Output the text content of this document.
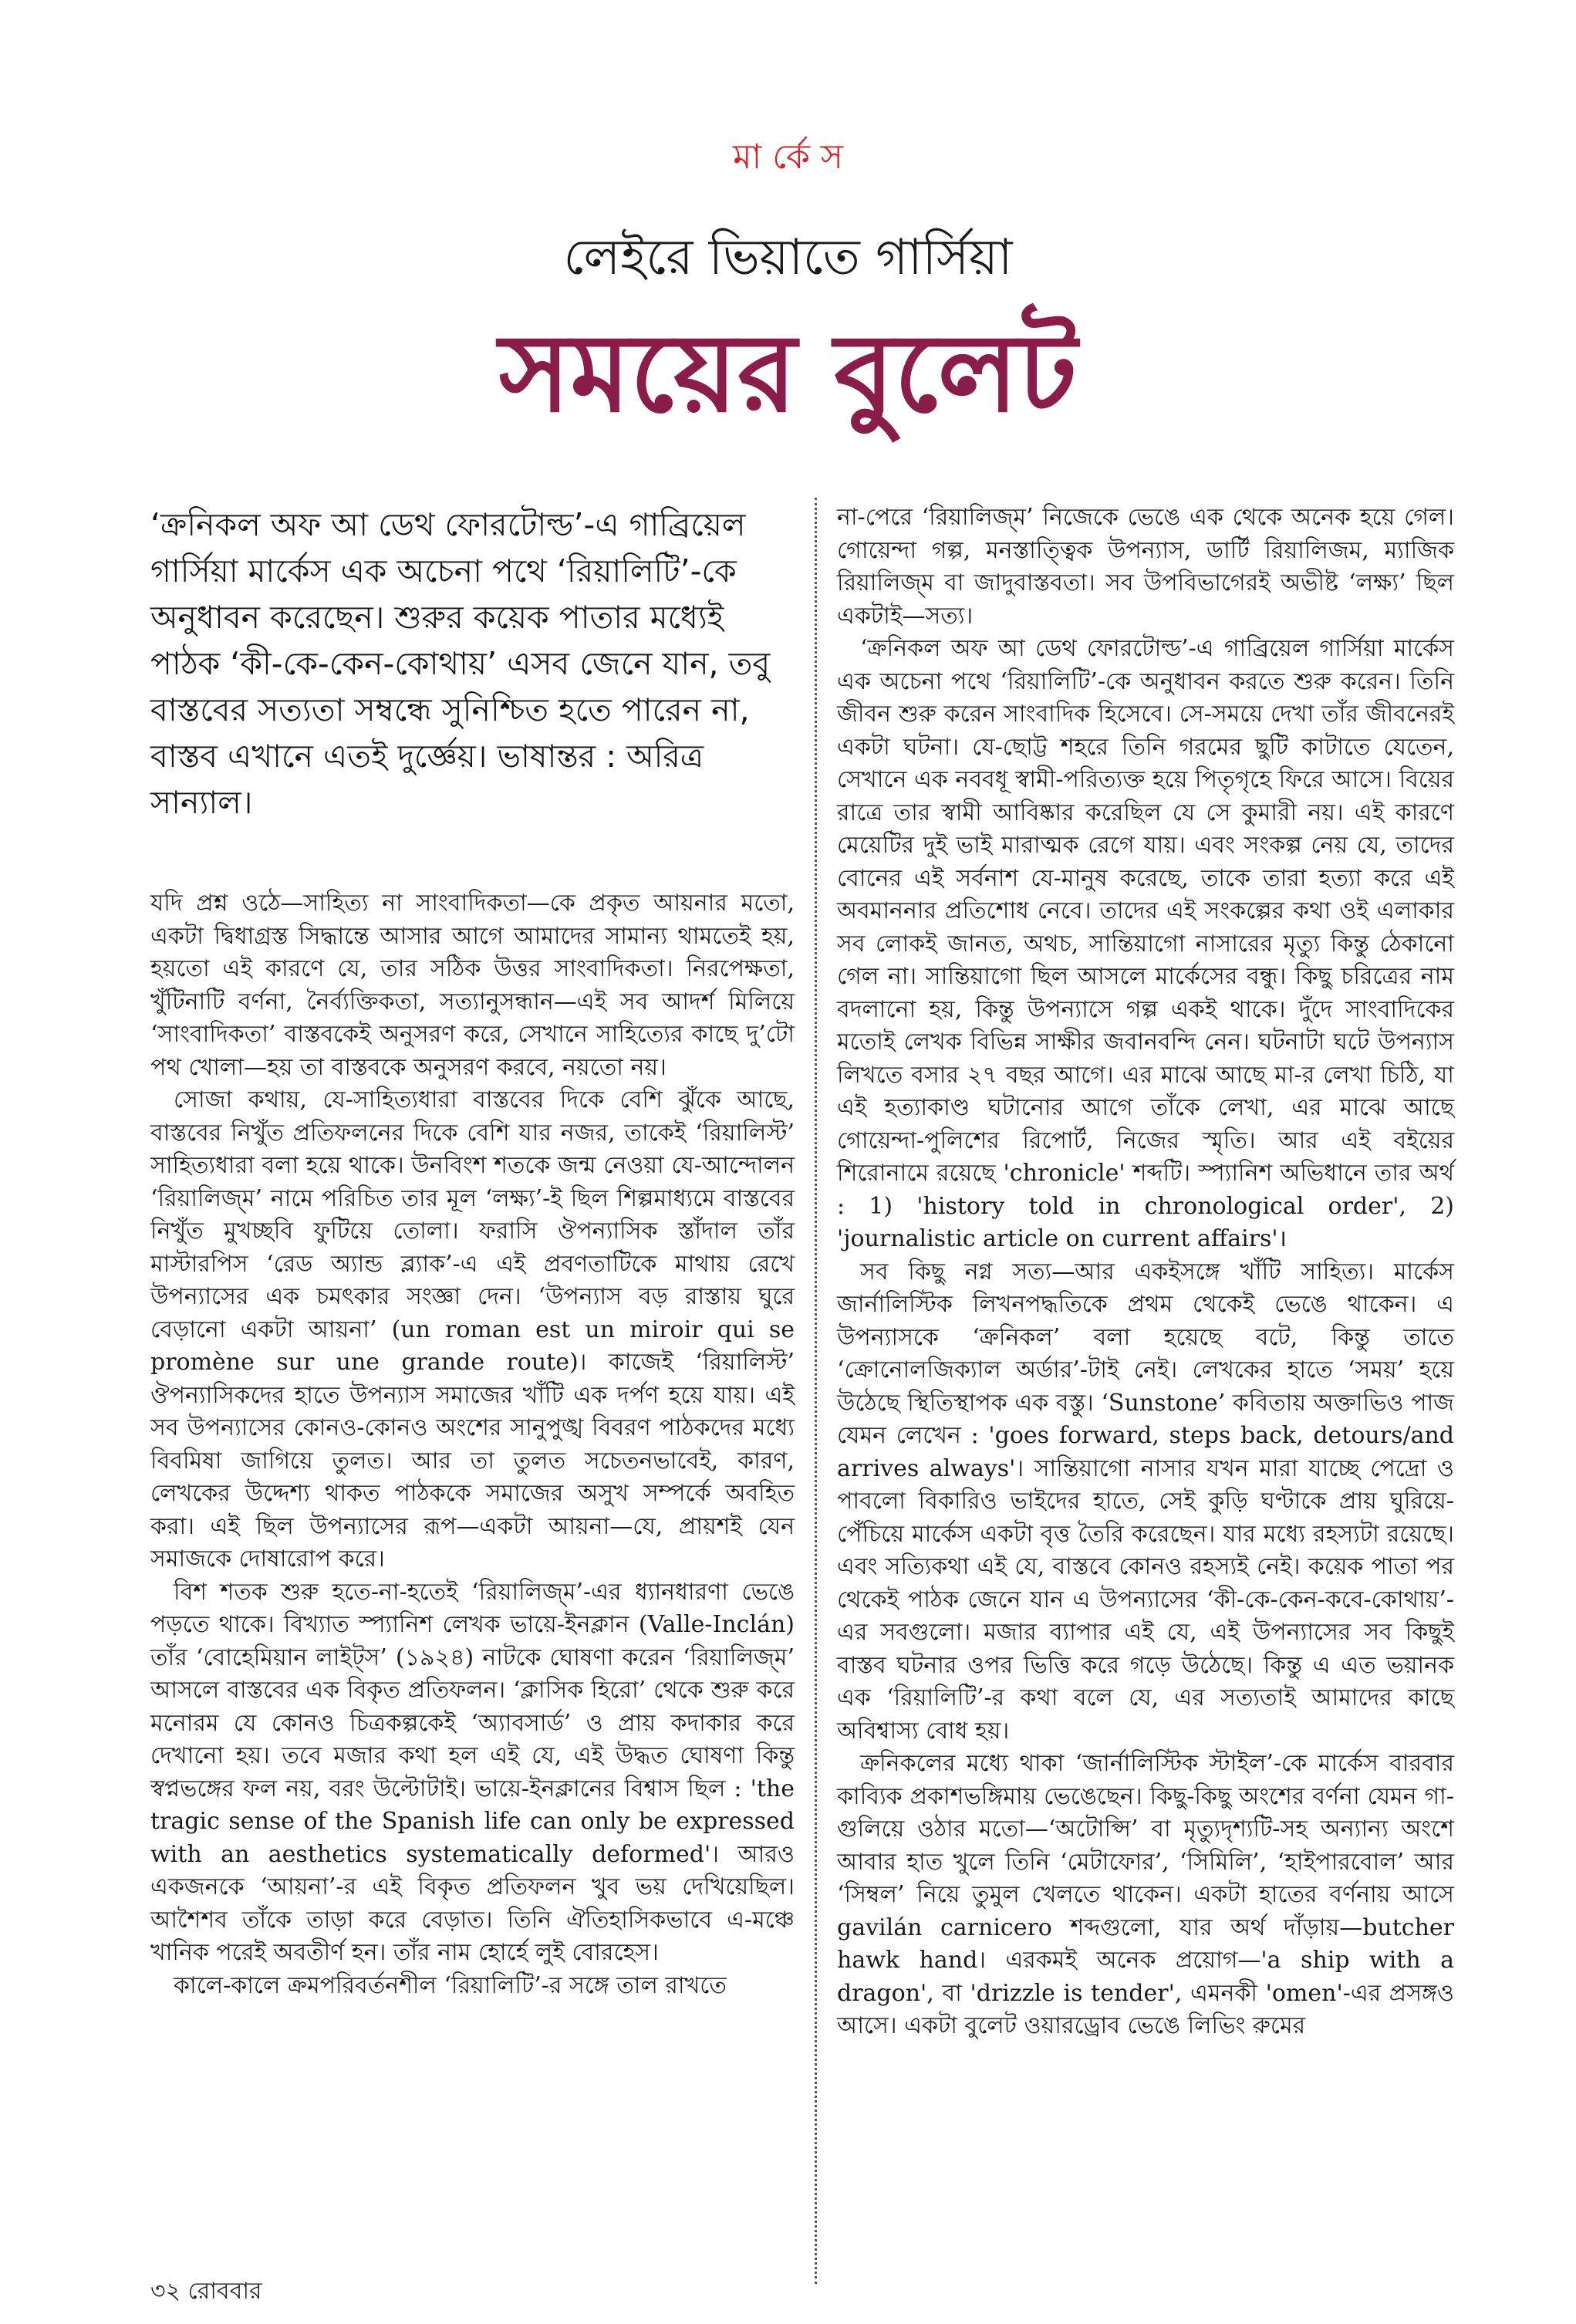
মা র্কে স
লেইরে ভিয়াতে গার্সিয়া
সময়ের বুলেট
‘ক্রনিকল অফ আ ডেথ ফোরটোল্ড’-এ গাব্রিয়েল গার্সিয়া মার্কেস এক অচেনা পথে ‘রিয়ালিটি’-কে অনুধাবন করেছেন। শুরুর কয়েক পাতার মধ্যেই পাঠক ‘কী-কে-কেন-কোথায়’ এসব জেনে যান, তবু বাস্তবের সত্যতা সম্বন্ধে সুনিশ্চিত হতে পারেন না, বাস্তব এখানে এতই দুর্জ্ঞেয়। ভাষান্তর : অরিত্র সান্যাল।

যদি প্রশ্ন ওঠে—সাহিত্য না সাংবাদিকতা—কে প্রকৃত আয়নার মতো, একটা দ্বিধাগ্রস্ত সিদ্ধান্তে আসার আগে আমাদের সামান্য থামতেই হয়, হয়তো এই কারণে যে, তার সঠিক উত্তর সাংবাদিকতা। নিরপেক্ষতা, খুঁটিনাটি বর্ণনা, নৈর্ব্যক্তিকতা, সত্যানুসন্ধান—এই সব আদর্শ মিলিয়ে ‘সাংবাদিকতা’ বাস্তবকেই অনুসরণ করে, সেখানে সাহিত্যের কাছে দু’টো পথ খোলা—হয় তা বাস্তবকে অনুসরণ করবে, নয়তো নয়।

সোজা কথায়, যে-সাহিত্যধারা বাস্তবের দিকে বেশি ঝুঁকে আছে, বাস্তবের নিখুঁত প্রতিফলনের দিকে বেশি যার নজর, তাকেই ‘রিয়ালিস্ট’ সাহিত্যধারা বলা হয়ে থাকে। উনবিংশ শতকে জন্ম নেওয়া যে-আন্দোলন ‘রিয়ালিজ্‌ম’ নামে পরিচিত তার মূল ‘লক্ষ্য’-ই ছিল শিল্পমাধ্যমে বাস্তবের নিখুঁত মুখচ্ছবি ফুটিয়ে তোলা। ফরাসি ঔপন্যাসিক স্তাঁদাল তাঁর মাস্টারপিস ‘রেড অ্যান্ড ব্ল্যাক’-এ এই প্রবণতাটিকে মাথায় রেখে উপন্যাসের এক চমৎকার সংজ্ঞা দেন। ‘উপন্যাস বড় রাস্তায় ঘুরে বেড়ানো একটা আয়না’ (un roman est un miroir qui se promène sur une grande route)। কাজেই ‘রিয়ালিস্ট’ ঔপন্যাসিকদের হাতে উপন্যাস সমাজের খাঁটি এক দর্পণ হয়ে যায়। এই সব উপন্যাসের কোনও-কোনও অংশের সানুপুঙ্খ বিবরণ পাঠকদের মধ্যে বিবমিষা জাগিয়ে তুলত। আর তা তুলত সচেতনভাবেই, কারণ, লেখকের উদ্দেশ্য থাকত পাঠককে সমাজের অসুখ সম্পর্কে অবহিত করা। এই ছিল উপন্যাসের রূপ—একটা আয়না—যে, প্রায়শই যেন সমাজকে দোষারোপ করে।

বিশ শতক শুরু হতে-না-হতেই ‘রিয়ালিজ্‌ম’-এর ধ্যানধারণা ভেঙে পড়তে থাকে। বিখ্যাত স্প্যানিশ লেখক ভায়ে-ইনক্লান (Valle-Inclán) তাঁর ‘বোহেমিয়ান লাইট্‌স’ (১৯২৪) নাটকে ঘোষণা করেন ‘রিয়ালিজ্‌ম’ আসলে বাস্তবের এক বিকৃত প্রতিফলন। ‘ক্লাসিক হিরো’ থেকে শুরু করে মনোরম যে কোনও চিত্রকল্পকেই ‘অ্যাবসার্ড’ ও প্রায় কদাকার করে দেখানো হয়। তবে মজার কথা হল এই যে, এই উদ্ধত ঘোষণা কিন্তু স্বপ্নভঙ্গের ফল নয়, বরং উল্টোটাই। ভায়ে-ইনক্লানের বিশ্বাস ছিল : 'the tragic sense of the Spanish life can only be expressed with an aesthetics systematically deformed'। আরও একজনকে ‘আয়না’-র এই বিকৃত প্রতিফলন খুব ভয় দেখিয়েছিল। আশৈশব তাঁকে তাড়া করে বেড়াত। তিনি ঐতিহাসিকভাবে এ-মঞ্চে খানিক পরেই অবতীর্ণ হন। তাঁর নাম হোর্হে লুই বোরহেস।

কালে-কালে ক্রমপরিবর্তনশীল ‘রিয়ালিটি’-র সঙ্গে তাল রাখতে

না-পেরে ‘রিয়ালিজ্‌ম’ নিজেকে ভেঙে এক থেকে অনেক হয়ে গেল। গোয়েন্দা গল্প, মনস্তাত্ত্বিক উপন্যাস, ডার্টি রিয়ালিজম, ম্যাজিক রিয়ালিজ্‌ম বা জাদুবাস্তবতা। সব উপবিভাগেরই অভীষ্ট ‘লক্ষ্য’ ছিল একটাই—সত্য।

‘ক্রনিকল অফ আ ডেথ ফোরটোল্ড’-এ গাব্রিয়েল গার্সিয়া মার্কেস এক অচেনা পথে ‘রিয়ালিটি’-কে অনুধাবন করতে শুরু করেন। তিনি জীবন শুরু করেন সাংবাদিক হিসেবে। সে-সময়ে দেখা তাঁর জীবনেরই একটা ঘটনা। যে-ছোট্ট শহরে তিনি গরমের ছুটি কাটাতে যেতেন, সেখানে এক নববধূ স্বামী-পরিত্যক্ত হয়ে পিতৃগৃহে ফিরে আসে। বিয়ের রাত্রে তার স্বামী আবিষ্কার করেছিল যে সে কুমারী নয়। এই কারণে মেয়েটির দুই ভাই মারাত্মক রেগে যায়। এবং সংকল্প নেয় যে, তাদের বোনের এই সর্বনাশ যে-মানুষ করেছে, তাকে তারা হত্যা করে এই অবমাননার প্রতিশোধ নেবে। তাদের এই সংকল্পের কথা ওই এলাকার সব লোকই জানত, অথচ, সান্তিয়াগো নাসারের মৃত্যু কিন্তু ঠেকানো গেল না। সান্তিয়াগো ছিল আসলে মার্কেসের বন্ধু। কিছু চরিত্রের নাম বদলানো হয়, কিন্তু উপন্যাসে গল্প একই থাকে। দুঁদে সাংবাদিকের মতোই লেখক বিভিন্ন সাক্ষীর জবানবন্দি নেন। ঘটনাটা ঘটে উপন্যাস লিখতে বসার ২৭ বছর আগে। এর মাঝে আছে মা-র লেখা চিঠি, যা এই হত্যাকাণ্ড ঘটানোর আগে তাঁকে লেখা, এর মাঝে আছে গোয়েন্দা-পুলিশের রিপোর্ট, নিজের স্মৃতি। আর এই বইয়ের শিরোনামে রয়েছে 'chronicle' শব্দটি। স্প্যানিশ অভিধানে তার অর্থ : 1) 'history told in chronological order', 2) 'journalistic article on current affairs'।

সব কিছু নগ্ন সত্য—আর একইসঙ্গে খাঁটি সাহিত্য। মার্কেস জার্নালিস্টিক লিখনপদ্ধতিকে প্রথম থেকেই ভেঙে থাকেন। এ উপন্যাসকে ‘ক্রনিকল’ বলা হয়েছে বটে, কিন্তু তাতে ‘ক্রোনোলজিক্যাল অর্ডার’-টাই নেই। লেখকের হাতে ‘সময়’ হয়ে উঠেছে স্থিতিস্থাপক এক বস্তু। ‘Sunstone’ কবিতায় অক্তাভিও পাজ যেমন লেখেন : 'goes forward, steps back, detours/and arrives always'। সান্তিয়াগো নাসার যখন মারা যাচ্ছে পেদ্রো ও পাবলো বিকারিও ভাইদের হাতে, সেই কুড়ি ঘণ্টাকে প্রায় ঘুরিয়ে-পেঁচিয়ে মার্কেস একটা বৃত্ত তৈরি করেছেন। যার মধ্যে রহস্যটা রয়েছে। এবং সত্যিকথা এই যে, বাস্তবে কোনও রহস্যই নেই। কয়েক পাতা পর থেকেই পাঠক জেনে যান এ উপন্যাসের ‘কী-কে-কেন-কবে-কোথায়’-এর সবগুলো। মজার ব্যাপার এই যে, এই উপন্যাসের সব কিছুই বাস্তব ঘটনার ওপর ভিত্তি করে গড়ে উঠেছে। কিন্তু এ এত ভয়ানক এক ‘রিয়ালিটি’-র কথা বলে যে, এর সত্যতাই আমাদের কাছে অবিশ্বাস্য বোধ হয়।

ক্রনিকলের মধ্যে থাকা ‘জার্নালিস্টিক স্টাইল’-কে মার্কেস বারবার কাব্যিক প্রকাশভঙ্গিমায় ভেঙেছেন। কিছু-কিছু অংশের বর্ণনা যেমন গা-গুলিয়ে ওঠার মতো—‘অটোপ্সি’ বা মৃত্যুদৃশ্যটি-সহ অন্যান্য অংশে আবার হাত খুলে তিনি ‘মেটাফোর’, ‘সিমিলি’, ‘হাইপারবোল’ আর ‘সিম্বল’ নিয়ে তুমুল খেলতে থাকেন। একটা হাতের বর্ণনায় আসে gavilán carnicero শব্দগুলো, যার অর্থ দাঁড়ায়—butcher hawk hand। এরকমই অনেক প্রয়োগ—'a ship with a dragon', বা 'drizzle is tender', এমনকী 'omen'-এর প্রসঙ্গও আসে। একটা বুলেট ওয়ারড্রোব ভেঙে লিভিং রুমের

৩২ রোববার
